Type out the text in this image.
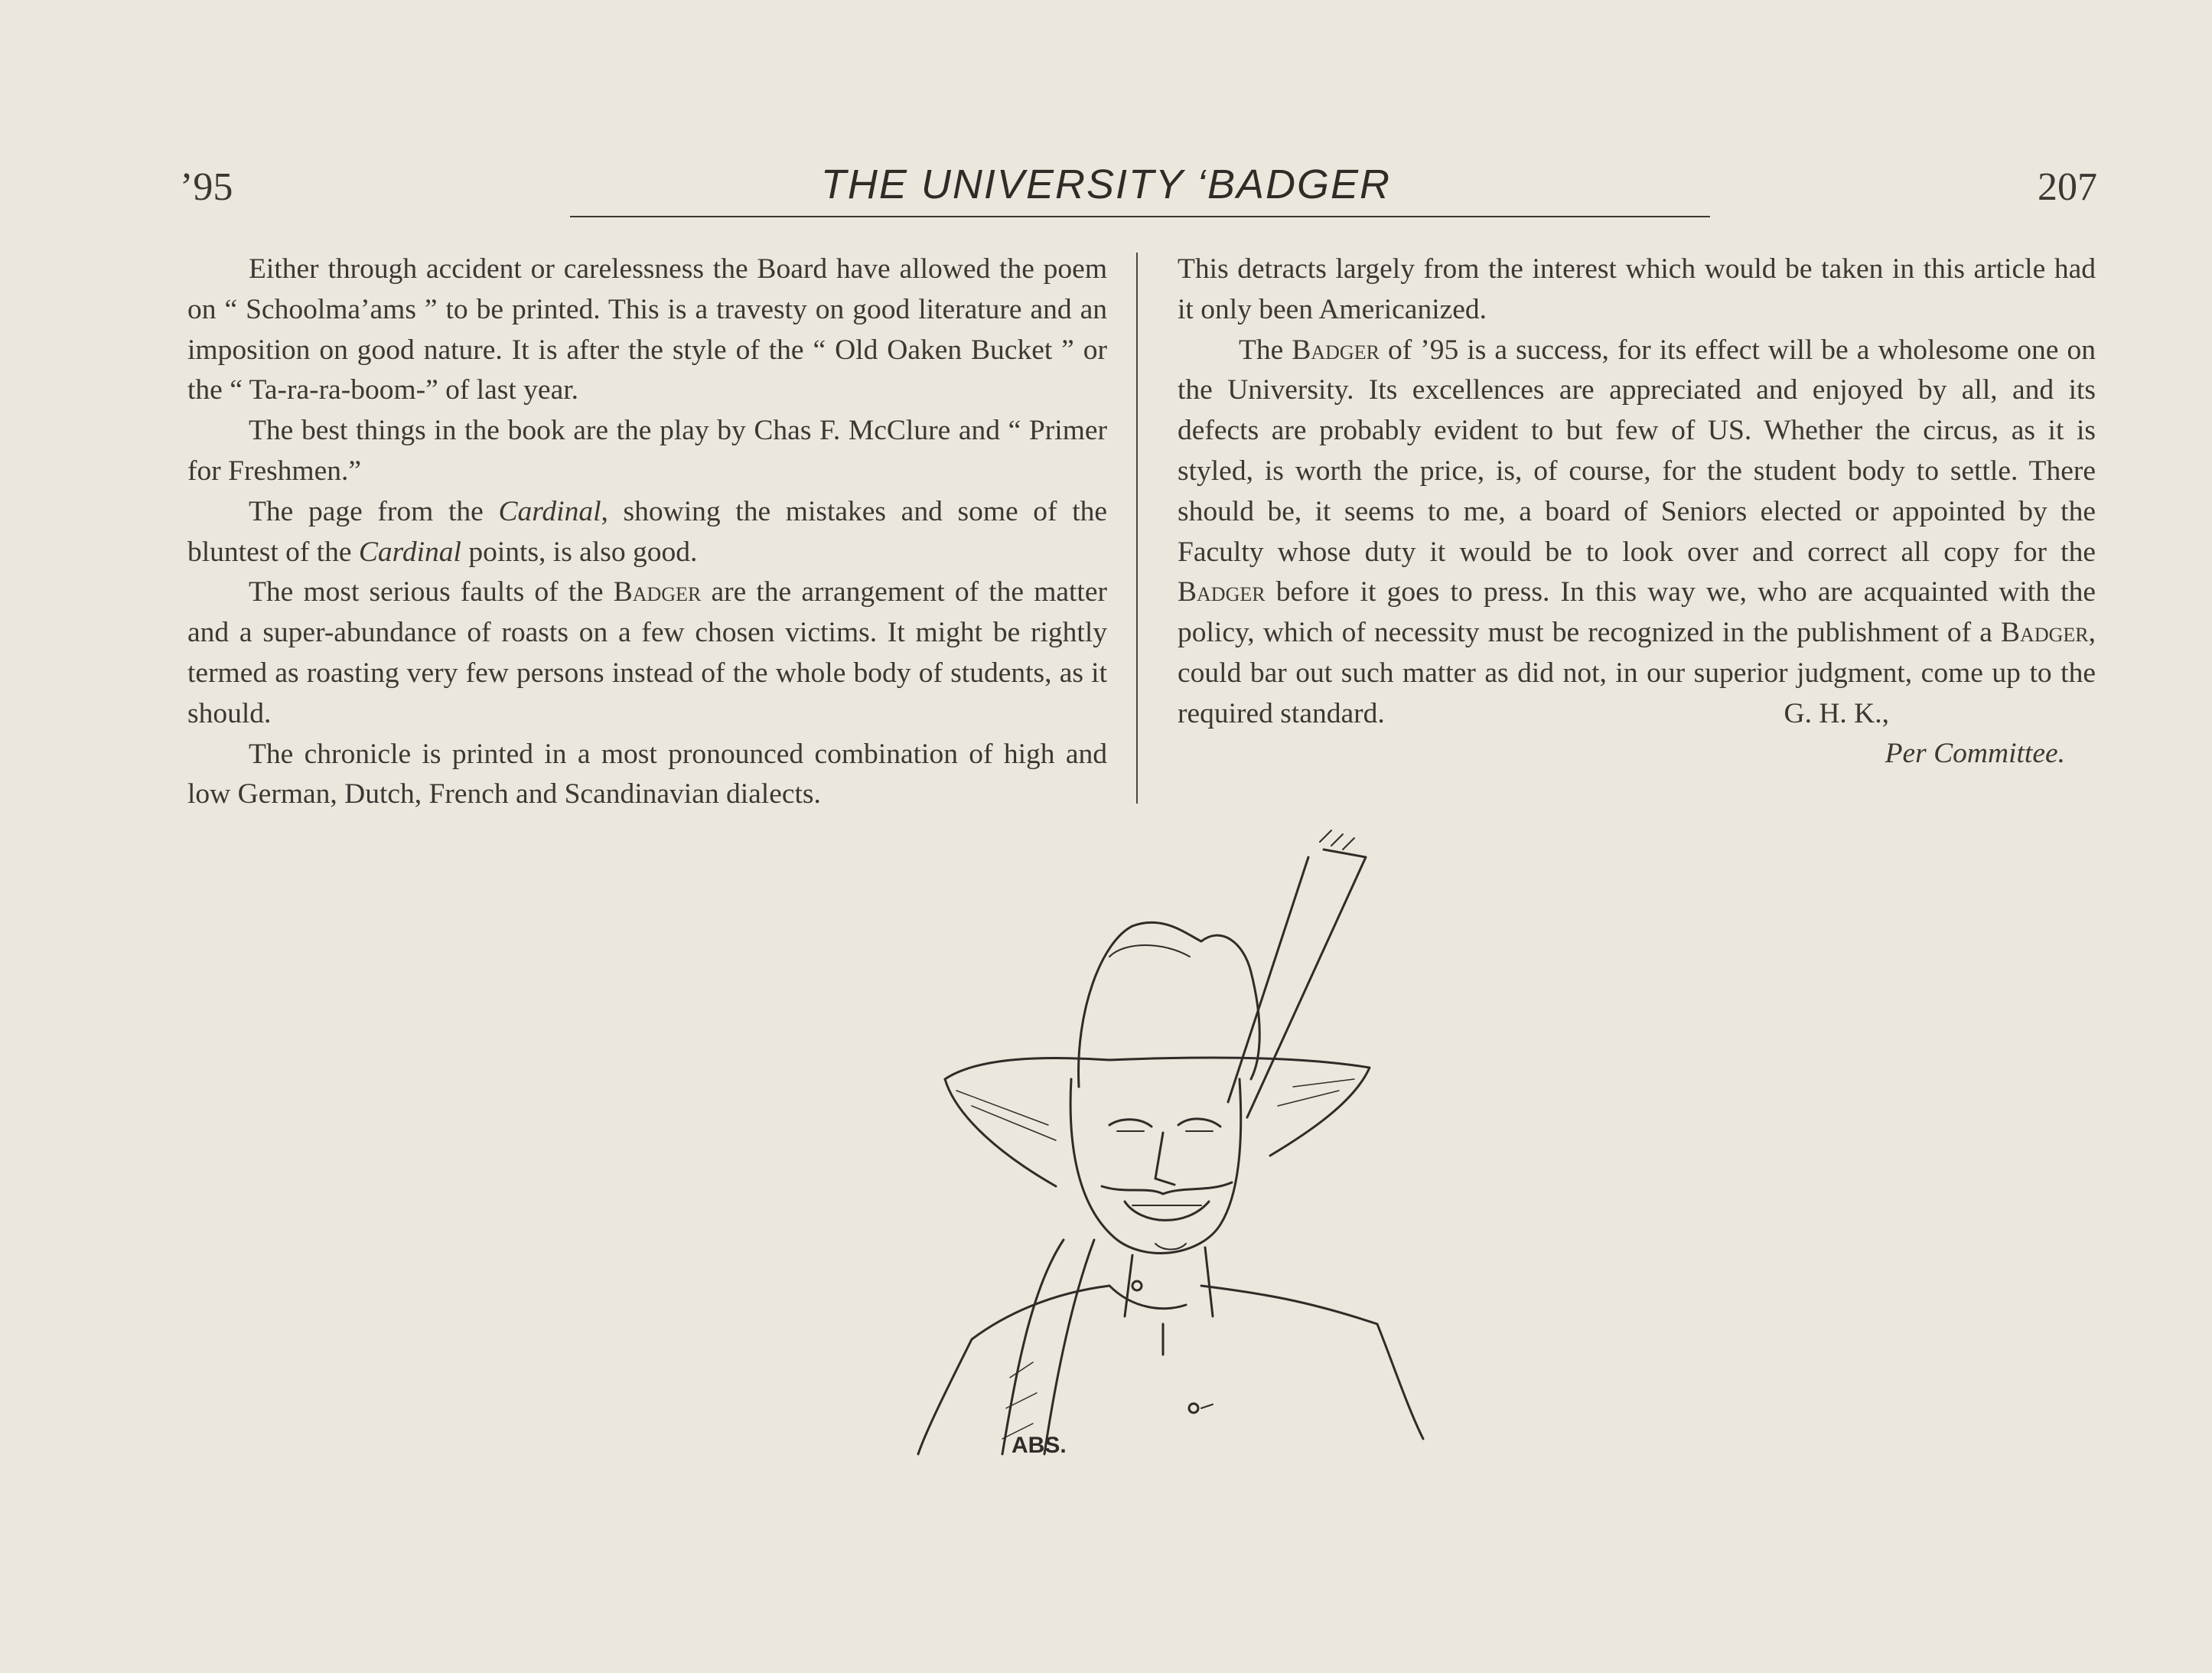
’95	THE UNIVERSITY ‘BADGER	207

Either through accident or carelessness the Board have allowed the poem on “ Schoolma’ams ” to be printed. This is a travesty on good literature and an imposition on good nature. It is after the style of the “ Old Oaken Bucket ” or the “ Ta-ra-ra-boom-” of last year.

The best things in the book are the play by Chas F. McClure and “ Primer for Freshmen.”

The page from the Cardinal, showing the mistakes and some of the bluntest of the Cardinal points, is also good.

The most serious faults of the Badger are the arrangement of the matter and a super-abundance of roasts on a few chosen victims. It might be rightly termed as roasting very few persons instead of the whole body of students, as it should.

The chronicle is printed in a most pronounced combination of high and low German, Dutch, French and Scandinavian dialects.

This detracts largely from the interest which would be taken in this article had it only been Americanized.

The Badger of ’95 is a success, for its effect will be a wholesome one on the University. Its excellences are appreciated and enjoyed by all, and its defects are probably evident to but few of US. Whether the circus, as it is styled, is worth the price, is, of course, for the student body to settle. There should be, it seems to me, a board of Seniors elected or appointed by the Faculty whose duty it would be to look over and correct all copy for the Badger before it goes to press. In this way we, who are acquainted with the policy, which of necessity must be recognized in the publishment of a Badger, could bar out such matter as did not, in our superior judgment, come up to the required standard.	G. H. K.,
Per Committee.
ABS.
